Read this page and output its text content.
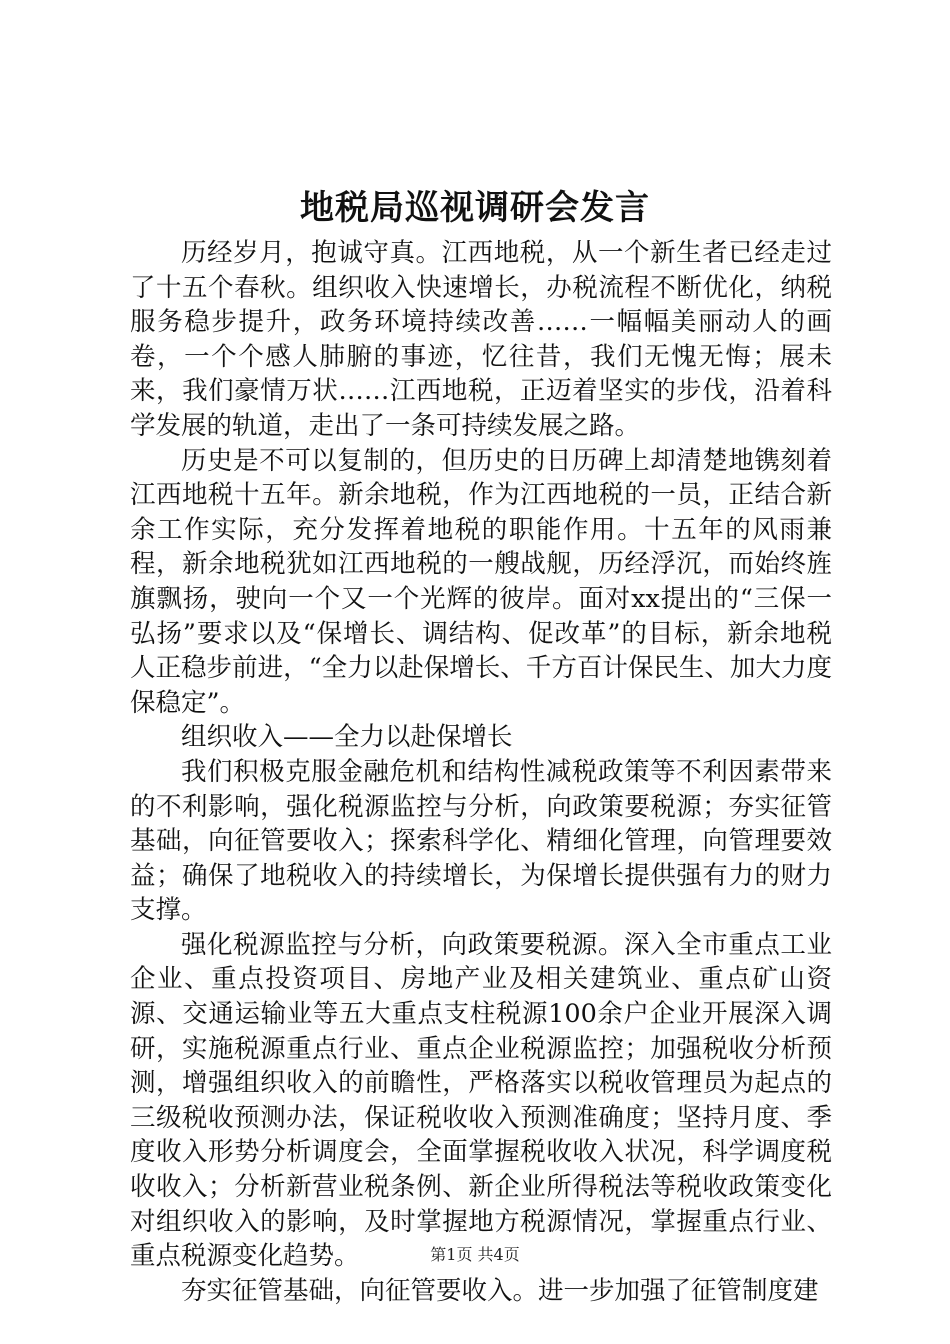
地税局巡视调研会发言

历经岁月，抱诚守真。江西地税，从一个新生者已经走过了十五个春秋。组织收入快速增长，办税流程不断优化，纳税服务稳步提升，政务环境持续改善……一幅幅美丽动人的画卷，一个个感人肺腑的事迹，忆往昔，我们无愧无悔；展未来，我们豪情万状……江西地税，正迈着坚实的步伐，沿着科学发展的轨道，走出了一条可持续发展之路。

历史是不可以复制的，但历史的日历碑上却清楚地镌刻着江西地税十五年。新余地税，作为江西地税的一员，正结合新余工作实际，充分发挥着地税的职能作用。十五年的风雨兼程，新余地税犹如江西地税的一艘战舰，历经浮沉，而始终旌旗飘扬，驶向一个又一个光辉的彼岸。面对xx提出的“三保一弘扬”要求以及“保增长、调结构、促改革”的目标，新余地税人正稳步前进，“全力以赴保增长、千方百计保民生、加大力度保稳定”。

组织收入——全力以赴保增长

我们积极克服金融危机和结构性减税政策等不利因素带来的不利影响，强化税源监控与分析，向政策要税源；夯实征管基础，向征管要收入；探索科学化、精细化管理，向管理要效益；确保了地税收入的持续增长，为保增长提供强有力的财力支撑。

强化税源监控与分析，向政策要税源。深入全市重点工业企业、重点投资项目、房地产业及相关建筑业、重点矿山资源、交通运输业等五大重点支柱税源100余户企业开展深入调研，实施税源重点行业、重点企业税源监控；加强税收分析预测，增强组织收入的前瞻性，严格落实以税收管理员为起点的三级税收预测办法，保证税收收入预测准确度；坚持月度、季度收入形势分析调度会，全面掌握税收收入状况，科学调度税收收入；分析新营业税条例、新企业所得税法等税收政策变化对组织收入的影响，及时掌握地方税源情况，掌握重点行业、重点税源变化趋势。

夯实征管基础，向征管要收入。进一步加强了征管制度建

第1页 共4页
